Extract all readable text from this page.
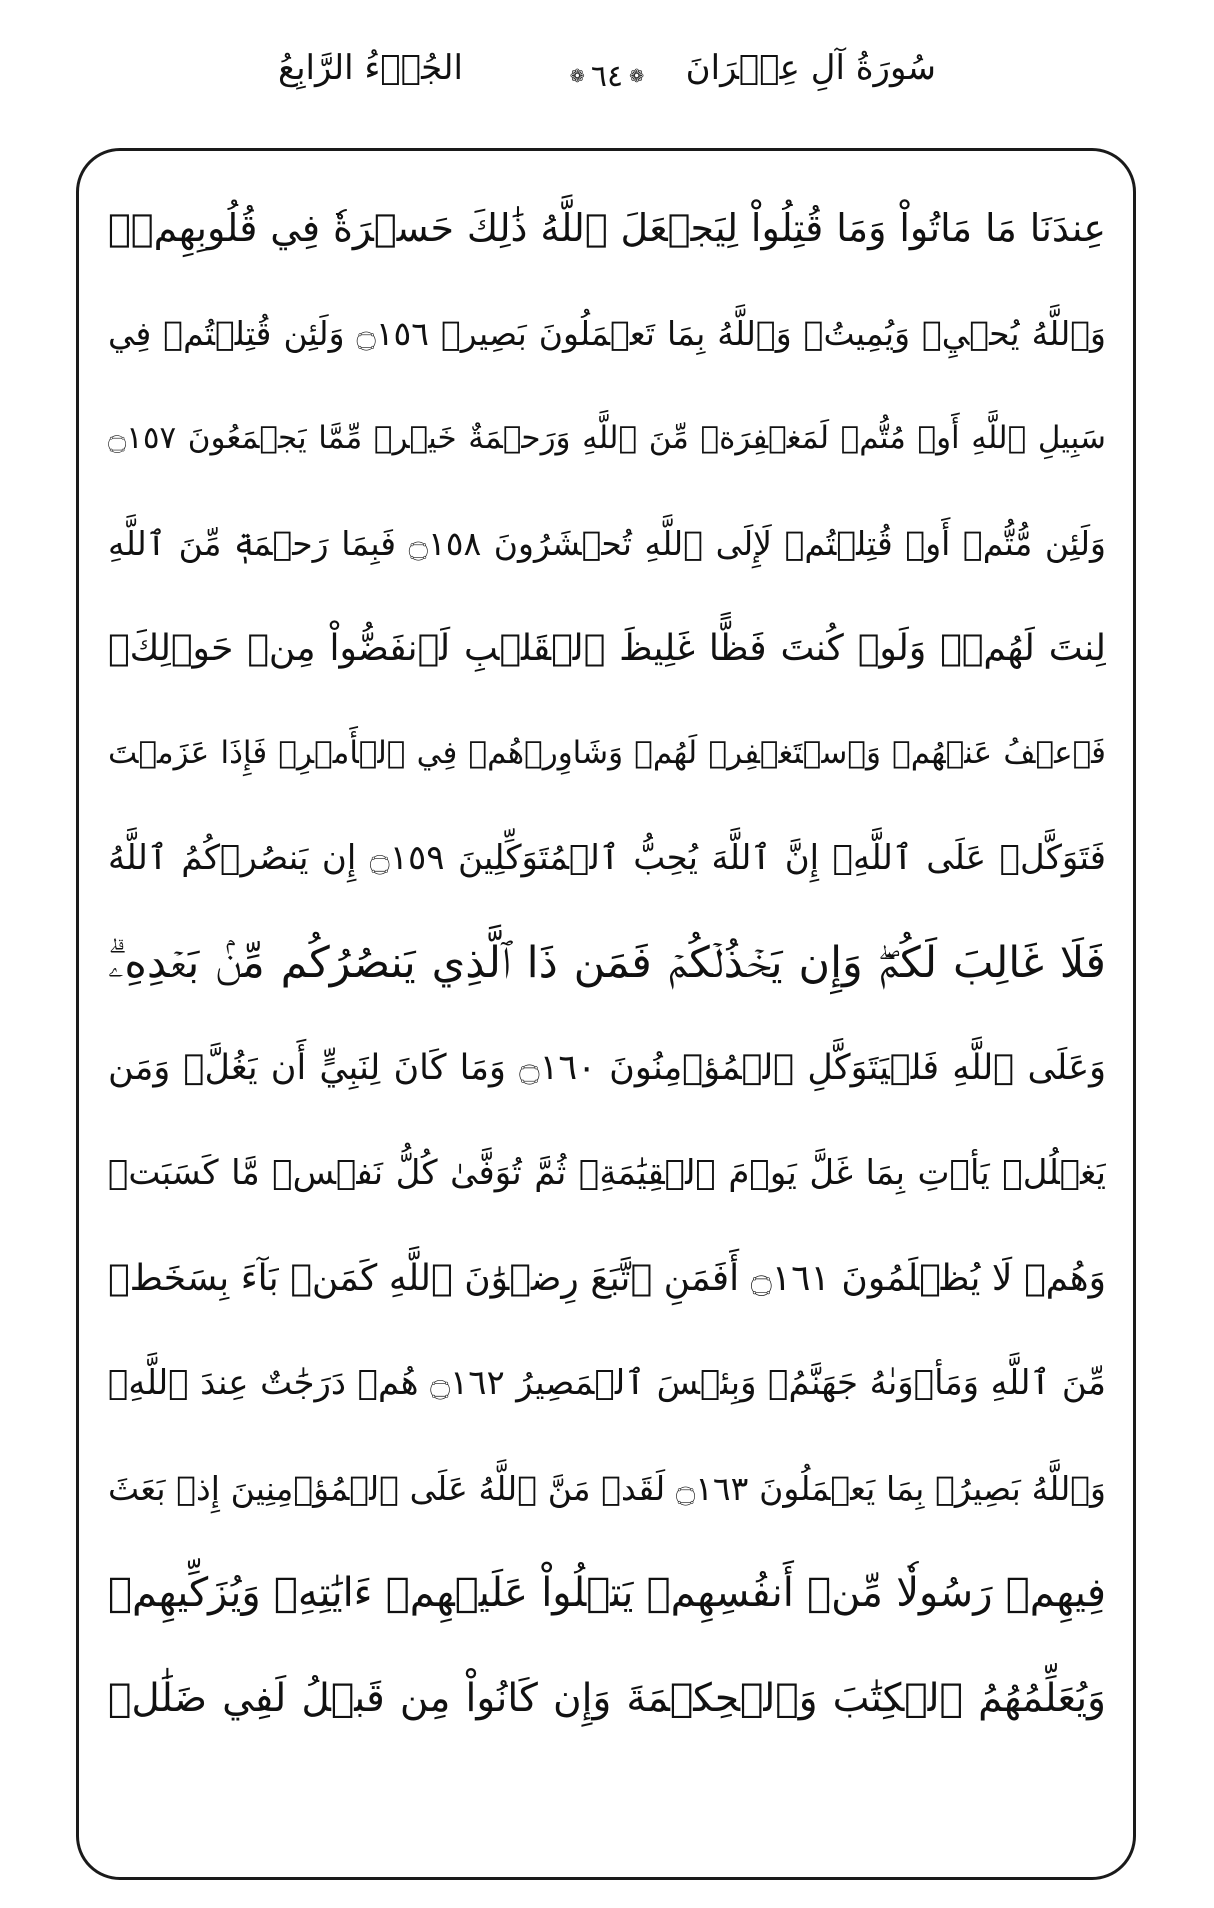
سُورَةُ آلِ عِمۡرَانَ
❁ ٦٤ ❁
الجُزۡءُ الرَّابِعُ
عِندَنَا مَا مَاتُواْ وَمَا قُتِلُواْ لِيَجۡعَلَ ٱللَّهُ ذَٰلِكَ حَسۡرَةٗ فِي قُلُوبِهِمۡۗ
وَٱللَّهُ يُحۡيِۦ وَيُمِيتُۗ وَٱللَّهُ بِمَا تَعۡمَلُونَ بَصِيرٞ ۝١٥٦ وَلَئِن قُتِلۡتُمۡ فِي
سَبِيلِ ٱللَّهِ أَوۡ مُتُّمۡ لَمَغۡفِرَةٞ مِّنَ ٱللَّهِ وَرَحۡمَةٌ خَيۡرٞ مِّمَّا يَجۡمَعُونَ ۝١٥٧
وَلَئِن مُّتُّمۡ أَوۡ قُتِلۡتُمۡ لَإِلَى ٱللَّهِ تُحۡشَرُونَ ۝١٥٨ فَبِمَا رَحۡمَةٖ مِّنَ ٱللَّهِ
لِنتَ لَهُمۡۖ وَلَوۡ كُنتَ فَظًّا غَلِيظَ ٱلۡقَلۡبِ لَٱنفَضُّواْ مِنۡ حَوۡلِكَۖ
فَٱعۡفُ عَنۡهُمۡ وَٱسۡتَغۡفِرۡ لَهُمۡ وَشَاوِرۡهُمۡ فِي ٱلۡأَمۡرِۖ فَإِذَا عَزَمۡتَ
فَتَوَكَّلۡ عَلَى ٱللَّهِۚ إِنَّ ٱللَّهَ يُحِبُّ ٱلۡمُتَوَكِّلِينَ ۝١٥٩ إِن يَنصُرۡكُمُ ٱللَّهُ
فَلَا غَالِبَ لَكُمۡۖ وَإِن يَخۡذُلۡكُمۡ فَمَن ذَا ٱلَّذِي يَنصُرُكُم مِّنۢ بَعۡدِهِۦۗ
وَعَلَى ٱللَّهِ فَلۡيَتَوَكَّلِ ٱلۡمُؤۡمِنُونَ ۝١٦٠ وَمَا كَانَ لِنَبِيٍّ أَن يَغُلَّۚ وَمَن
يَغۡلُلۡ يَأۡتِ بِمَا غَلَّ يَوۡمَ ٱلۡقِيَٰمَةِۚ ثُمَّ تُوَفَّىٰ كُلُّ نَفۡسٖ مَّا كَسَبَتۡ
وَهُمۡ لَا يُظۡلَمُونَ ۝١٦١ أَفَمَنِ ٱتَّبَعَ رِضۡوَٰنَ ٱللَّهِ كَمَنۢ بَآءَ بِسَخَطٖ
مِّنَ ٱللَّهِ وَمَأۡوَىٰهُ جَهَنَّمُۖ وَبِئۡسَ ٱلۡمَصِيرُ ۝١٦٢ هُمۡ دَرَجَٰتٌ عِندَ ٱللَّهِۗ
وَٱللَّهُ بَصِيرُۢ بِمَا يَعۡمَلُونَ ۝١٦٣ لَقَدۡ مَنَّ ٱللَّهُ عَلَى ٱلۡمُؤۡمِنِينَ إِذۡ بَعَثَ
فِيهِمۡ رَسُولٗا مِّنۡ أَنفُسِهِمۡ يَتۡلُواْ عَلَيۡهِمۡ ءَايَٰتِهِۦ وَيُزَكِّيهِمۡ
وَيُعَلِّمُهُمُ ٱلۡكِتَٰبَ وَٱلۡحِكۡمَةَ وَإِن كَانُواْ مِن قَبۡلُ لَفِي ضَلَٰلٖ
